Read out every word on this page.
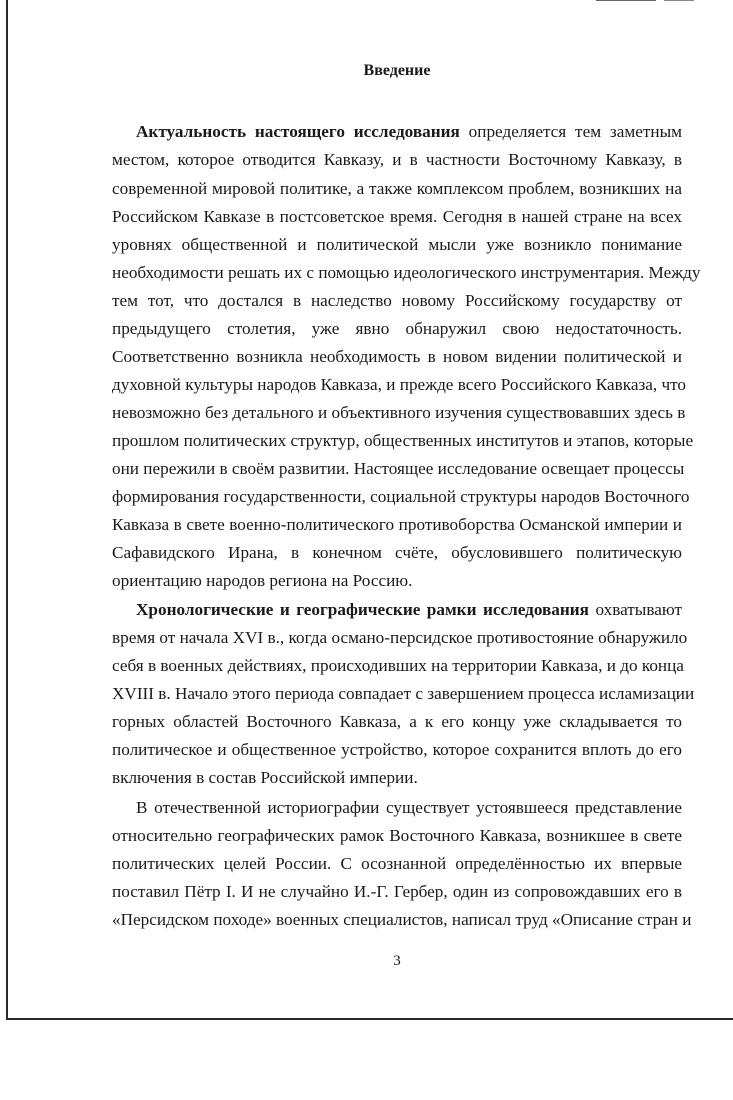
Введение
Актуальность настоящего исследования определяется тем заметным
местом, которое отводится Кавказу, и в частности Восточному Кавказу, в
современной мировой политике, а также комплексом проблем, возникших на
Российском Кавказе в постсоветское время. Сегодня в нашей стране на всех
уровнях общественной и политической мысли уже возникло понимание
необходимости решать их с помощью идеологического инструментария. Между
тем тот, что достался в наследство новому Российскому государству от
предыдущего столетия, уже явно обнаружил свою недостаточность.
Соответственно возникла необходимость в новом видении политической и
духовной культуры народов Кавказа, и прежде всего Российского Кавказа, что
невозможно без детального и объективного изучения существовавших здесь в
прошлом политических структур, общественных институтов и этапов, которые
они пережили в своём развитии. Настоящее исследование освещает процессы
формирования государственности, социальной структуры народов Восточного
Кавказа в свете военно-политического противоборства Османской империи и
Сафавидского Ирана, в конечном счёте, обусловившего политическую
ориентацию народов региона на Россию.
Хронологические и географические рамки исследования охватывают
время от начала XVI в., когда османо-персидское противостояние обнаружило
себя в военных действиях, происходивших на территории Кавказа, и до конца
XVIII в. Начало этого периода совпадает с завершением процесса исламизации
горных областей Восточного Кавказа, а к его концу уже складывается то
политическое и общественное устройство, которое сохранится вплоть до его
включения в состав Российской империи.
В отечественной историографии существует устоявшееся представление
относительно географических рамок Восточного Кавказа, возникшее в свете
политических целей России. С осознанной определённостью их впервые
поставил Пётр I. И не случайно И.-Г. Гербер, один из сопровождавших его в
«Персидском походе» военных специалистов, написал труд «Описание стран и
3
